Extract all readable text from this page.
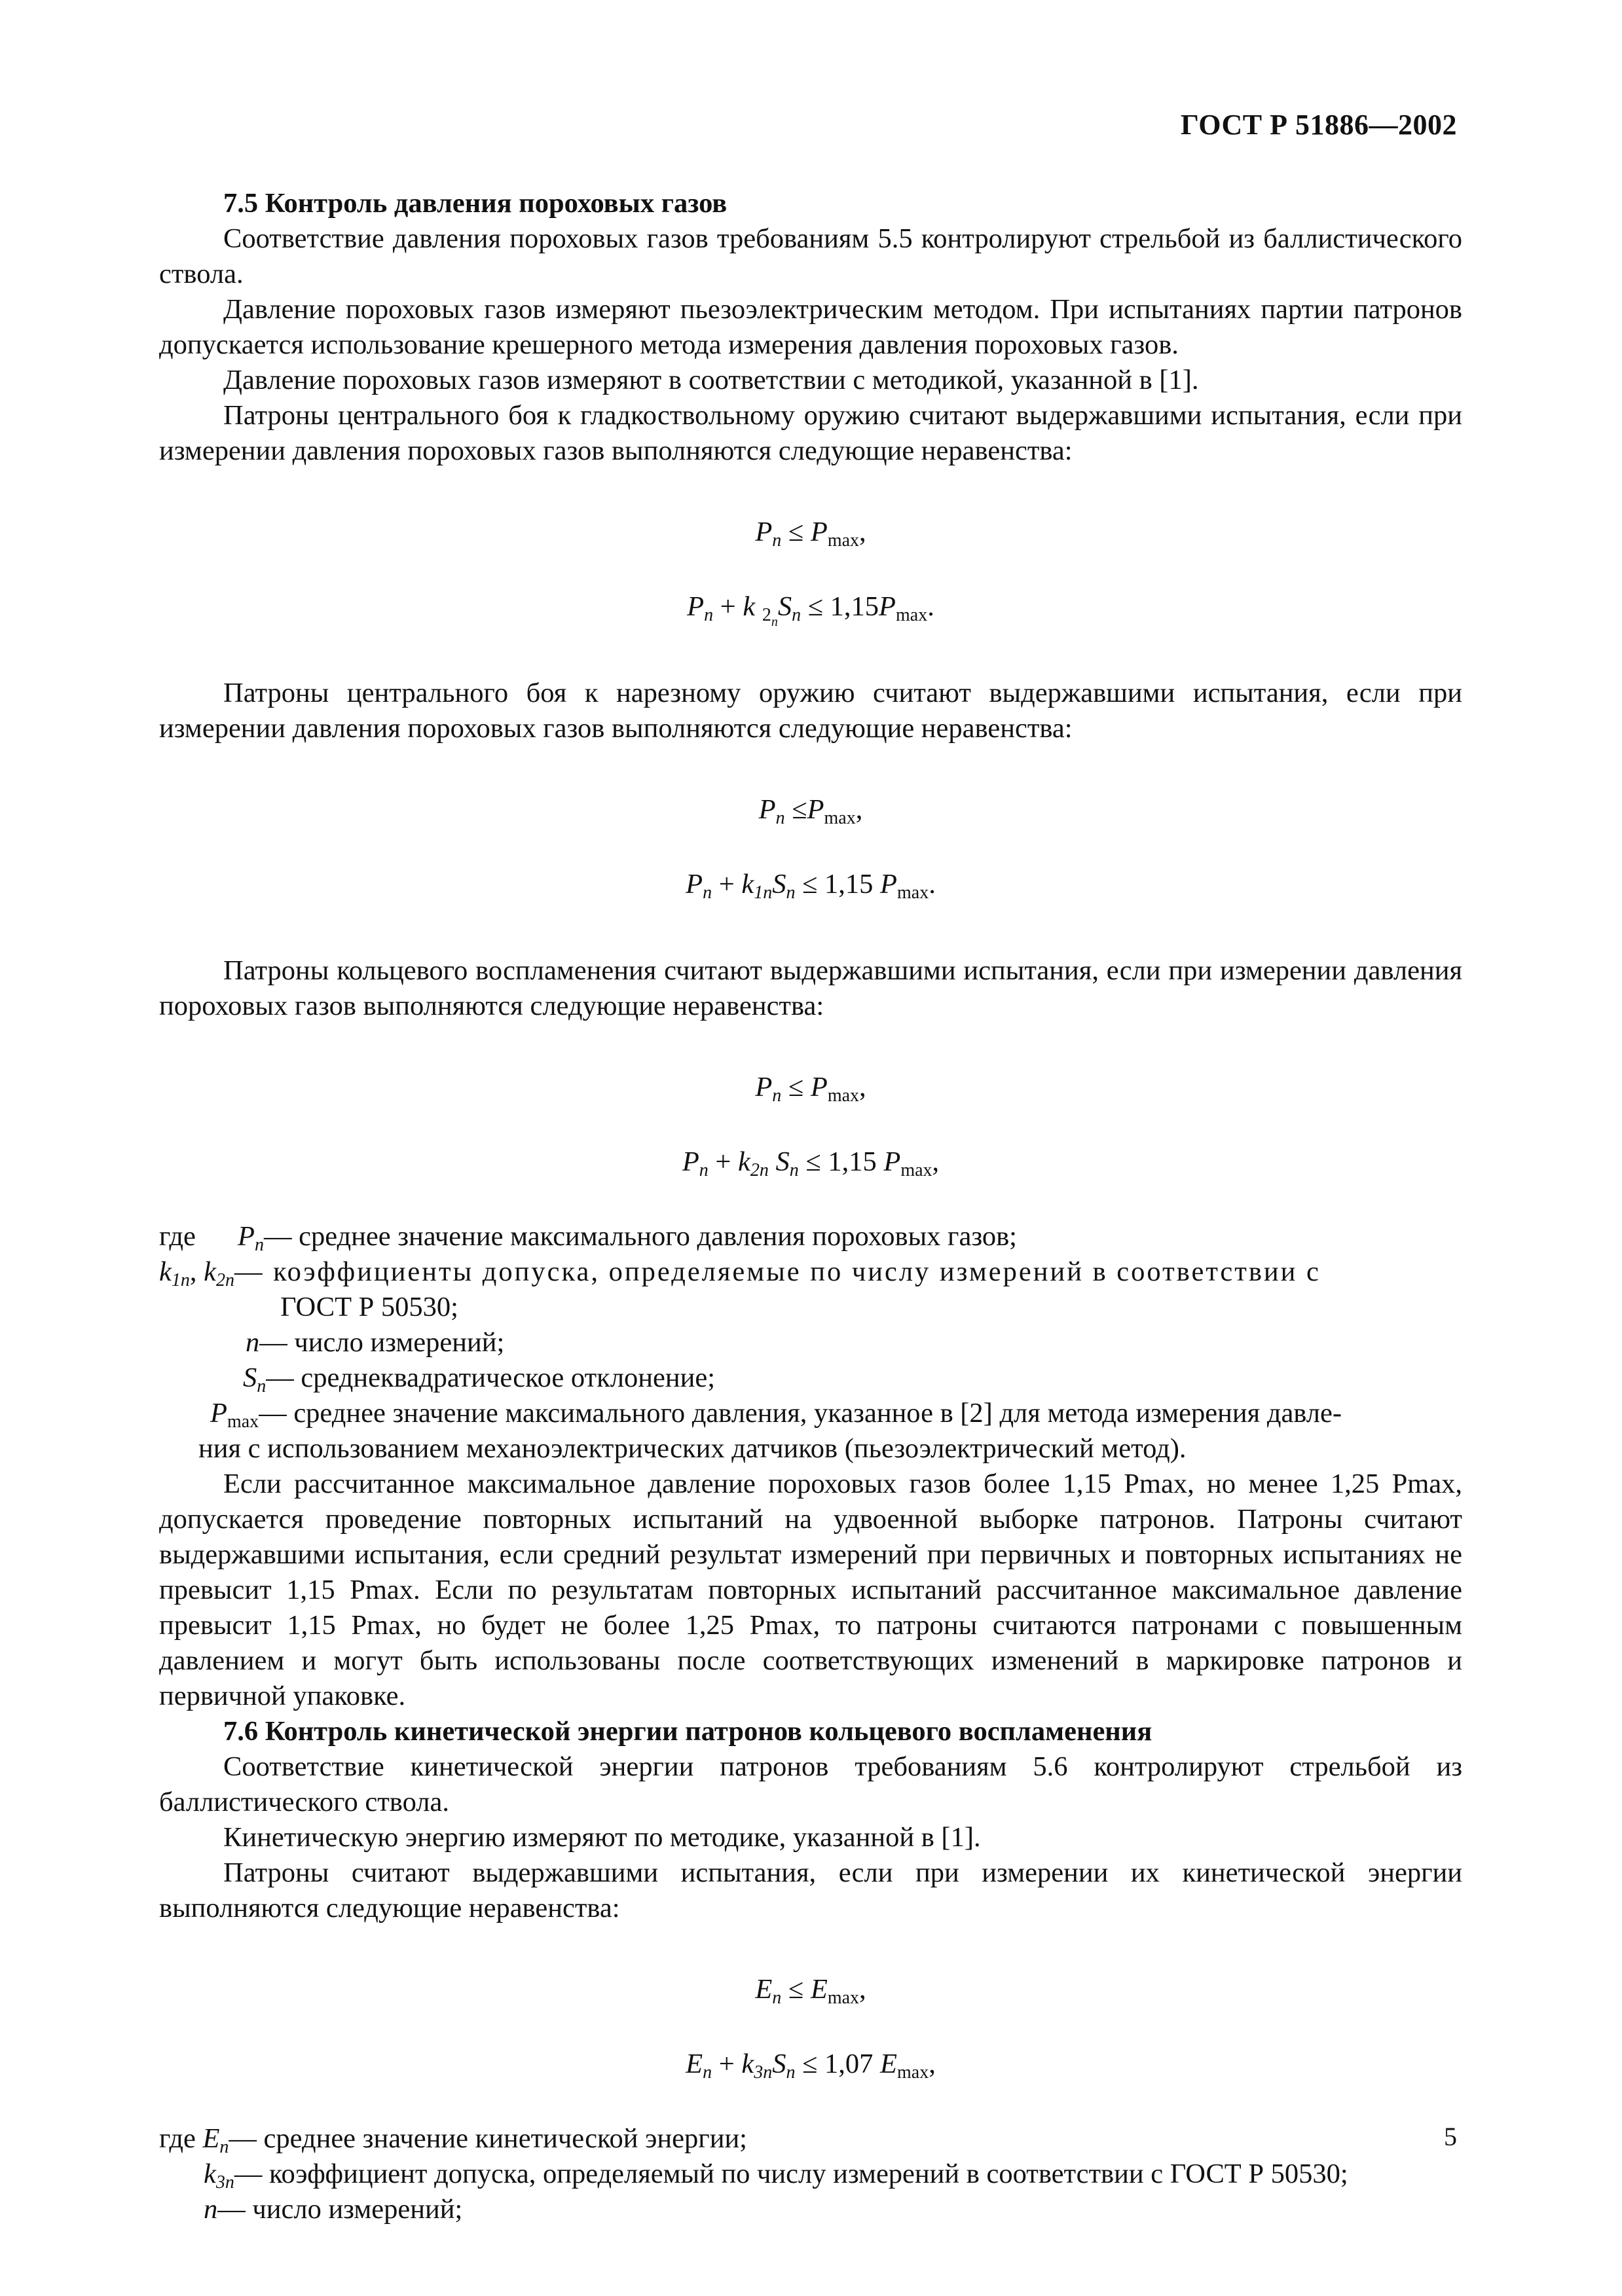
ГОСТ Р 51886—2002
7.5 Контроль давления пороховых газов

Соответствие давления пороховых газов требованиям 5.5 контролируют стрельбой из баллистического ствола.

Давление пороховых газов измеряют пьезоэлектрическим методом. При испытаниях партии патронов допускается использование крешерного метода измерения давления пороховых газов.

Давление пороховых газов измеряют в соответствии с методикой, указанной в [1].

Патроны центрального боя к гладкоствольному оружию считают выдержавшими испытания, если при измерении давления пороховых газов выполняются следующие неравенства:

$P_n \le P_{max}$,
$P_n + k$ $_{2_n}S_n \le 1,15P_{max}$.

Патроны центрального боя к нарезному оружию считают выдержавшими испытания, если при измерении давления пороховых газов выполняются следующие неравенства:

$P_n \le P_{max}$,
$P_n + k_{1n}S_n \le 1,15$ $P_{max}$.

Патроны кольцевого воспламенения считают выдержавшими испытания, если при измерении давления пороховых газов выполняются следующие неравенства:

$P_n \le P_{max}$,
$P_n + k_{2n}$ $S_n \le 1,15$ $P_{max}$,
где	$P_n$ — среднее значение максимального давления пороховых газов;
$k_{1n}$, $k_{2n}$ — коэффициенты допуска, определяемые по числу измерений в соответствии с
ГОСТ Р 50530;
n — число измерений;
$S_n$ — среднеквадратическое отклонение;
$P_{max}$ — среднее значение максимального давления, указанное в [2] для метода измерения давле-
ния с использованием механоэлектрических датчиков (пьезоэлектрический метод).

Если рассчитанное максимальное давление пороховых газов более 1,15 Pmax, но менее 1,25 Pmax, допускается проведение повторных испытаний на удвоенной выборке патронов. Патроны считают выдержавшими испытания, если средний результат измерений при первичных и повторных испытаниях не превысит 1,15 Pmax. Если по результатам повторных испытаний рассчитанное максимальное давление превысит 1,15 Pmax, но будет не более 1,25 Pmax, то патроны считаются патронами с повышенным давлением и могут быть использованы после соответствующих изменений в маркировке патронов и первичной упаковке.

7.6 Контроль кинетической энергии патронов кольцевого воспламенения

Соответствие кинетической энергии патронов требованиям 5.6 контролируют стрельбой из баллистического ствола.

Кинетическую энергию измеряют по методике, указанной в [1].

Патроны считают выдержавшими испытания, если при измерении их кинетической энергии выполняются следующие неравенства:

$E_n \le E_{max}$,
$E_n + k_{3n}S_n \le 1,07$ $E_{max}$,
где $E_n$ — среднее значение кинетической энергии;
$k_{3n}$ — коэффициент допуска, определяемый по числу измерений в соответствии с ГОСТ Р 50530;
n — число измерений;
5
